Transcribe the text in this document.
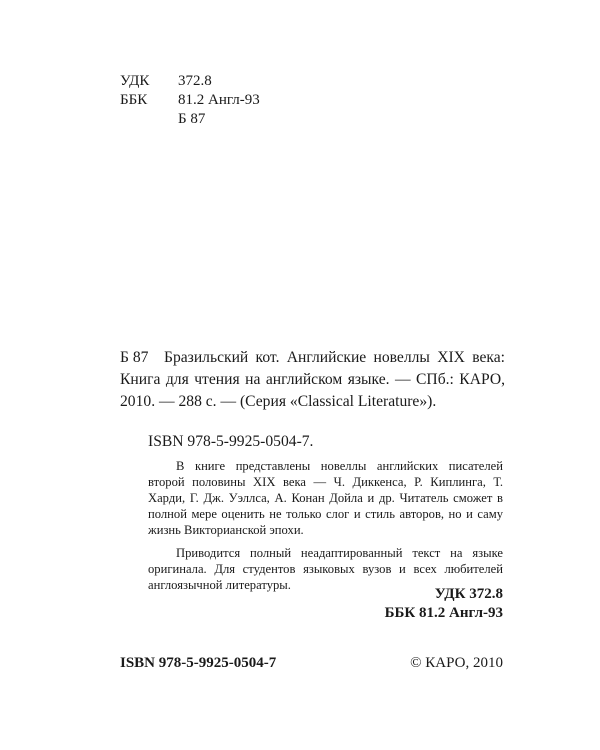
УДК 372.8
ББК 81.2 Англ-93
Б 87
Б 87 Бразильский кот. Английские новеллы XIX века: Книга для чтения на английском языке. — СПб.: КАРО, 2010. — 288 с. — (Серия «Classical Literature»).
ISBN 978-5-9925-0504-7.

В книге представлены новеллы английских писателей второй половины XIX века — Ч. Диккенса, Р. Киплинга, Т. Харди, Г. Дж. Уэллса, А. Конан Дойла и др. Читатель сможет в полной мере оценить не только слог и стиль авторов, но и саму жизнь Викторианской эпохи.

Приводится полный неадаптированный текст на языке оригинала. Для студентов языковых вузов и всех любителей англоязычной литературы.

УДК 372.8
ББК 81.2 Англ-93
ISBN 978-5-9925-0504-7	© КАРО, 2010
